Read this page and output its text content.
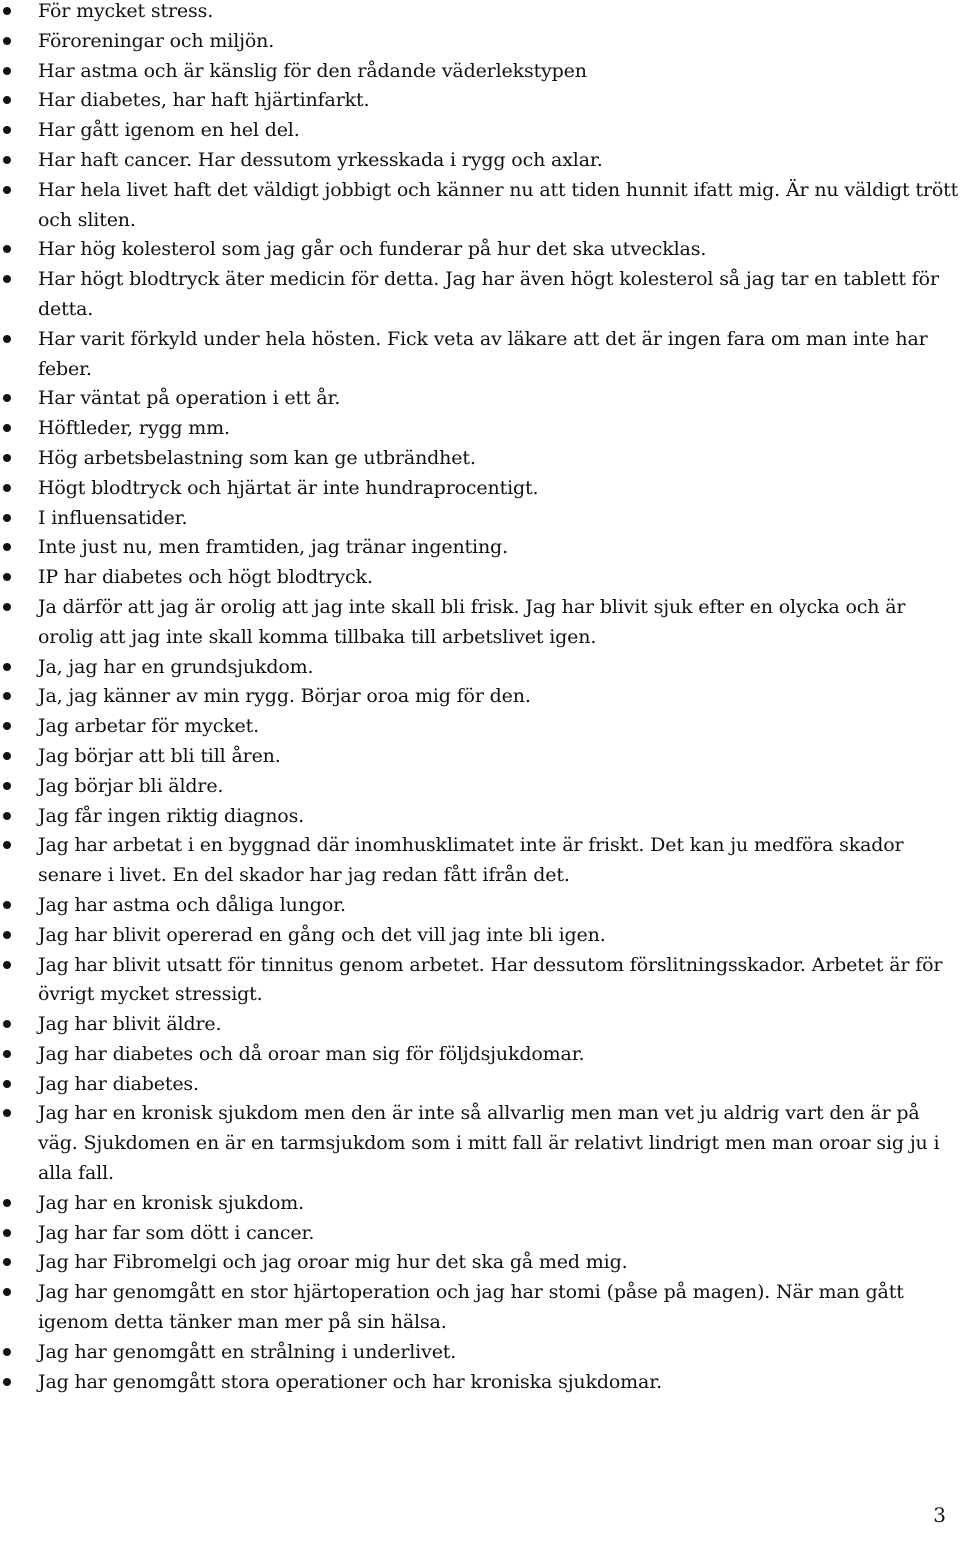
För mycket stress.
Föroreningar och miljön.
Har astma och är känslig för den rådande väderlekstypen
Har diabetes, har haft hjärtinfarkt.
Har gått igenom en hel del.
Har haft cancer. Har dessutom yrkesskada i rygg och axlar.
Har hela livet haft det väldigt jobbigt och känner nu att tiden hunnit ifatt mig. Är nu väldigt trött och sliten.
Har hög kolesterol som jag går och funderar på hur det ska utvecklas.
Har högt blodtryck äter medicin för detta. Jag har även högt kolesterol så jag tar en tablett för detta.
Har varit förkyld under hela hösten. Fick veta av läkare att det är ingen fara om man inte har feber.
Har väntat på operation i ett år.
Höftleder, rygg mm.
Hög arbetsbelastning som kan ge utbrändhet.
Högt blodtryck och hjärtat är inte hundraprocentigt.
I influensatider.
Inte just nu, men framtiden, jag tränar ingenting.
IP har diabetes och högt blodtryck.
Ja därför att jag är orolig att jag inte skall bli frisk. Jag har blivit sjuk efter en olycka och är orolig att jag inte skall komma tillbaka till arbetslivet igen.
Ja, jag har en grundsjukdom.
Ja, jag känner av min rygg. Börjar oroa mig för den.
Jag arbetar för mycket.
Jag börjar att bli till åren.
Jag börjar bli äldre.
Jag får ingen riktig diagnos.
Jag har arbetat i en byggnad där inomhusklimatet inte är friskt. Det kan ju medföra skador senare i livet. En del skador har jag redan fått ifrån det.
Jag har astma och dåliga lungor.
Jag har blivit opererad en gång och det vill jag inte bli igen.
Jag har blivit utsatt för tinnitus genom arbetet. Har dessutom förslitningsskador. Arbetet är för övrigt mycket stressigt.
Jag har blivit äldre.
Jag har diabetes och då oroar man sig för följdsjukdomar.
Jag har diabetes.
Jag har en kronisk sjukdom men den är inte så allvarlig men man vet ju aldrig vart den är på väg. Sjukdomen en är en tarmsjukdom som i mitt fall är relativt lindrigt men man oroar sig ju i alla fall.
Jag har en kronisk sjukdom.
Jag har far som dött i cancer.
Jag har Fibromelgi och jag oroar mig hur det ska gå med mig.
Jag har genomgått en stor hjärtoperation och jag har stomi (påse på magen). När man gått igenom detta tänker man mer på sin hälsa.
Jag har genomgått en strålning i underlivet.
Jag har genomgått stora operationer och har kroniska sjukdomar.
3
